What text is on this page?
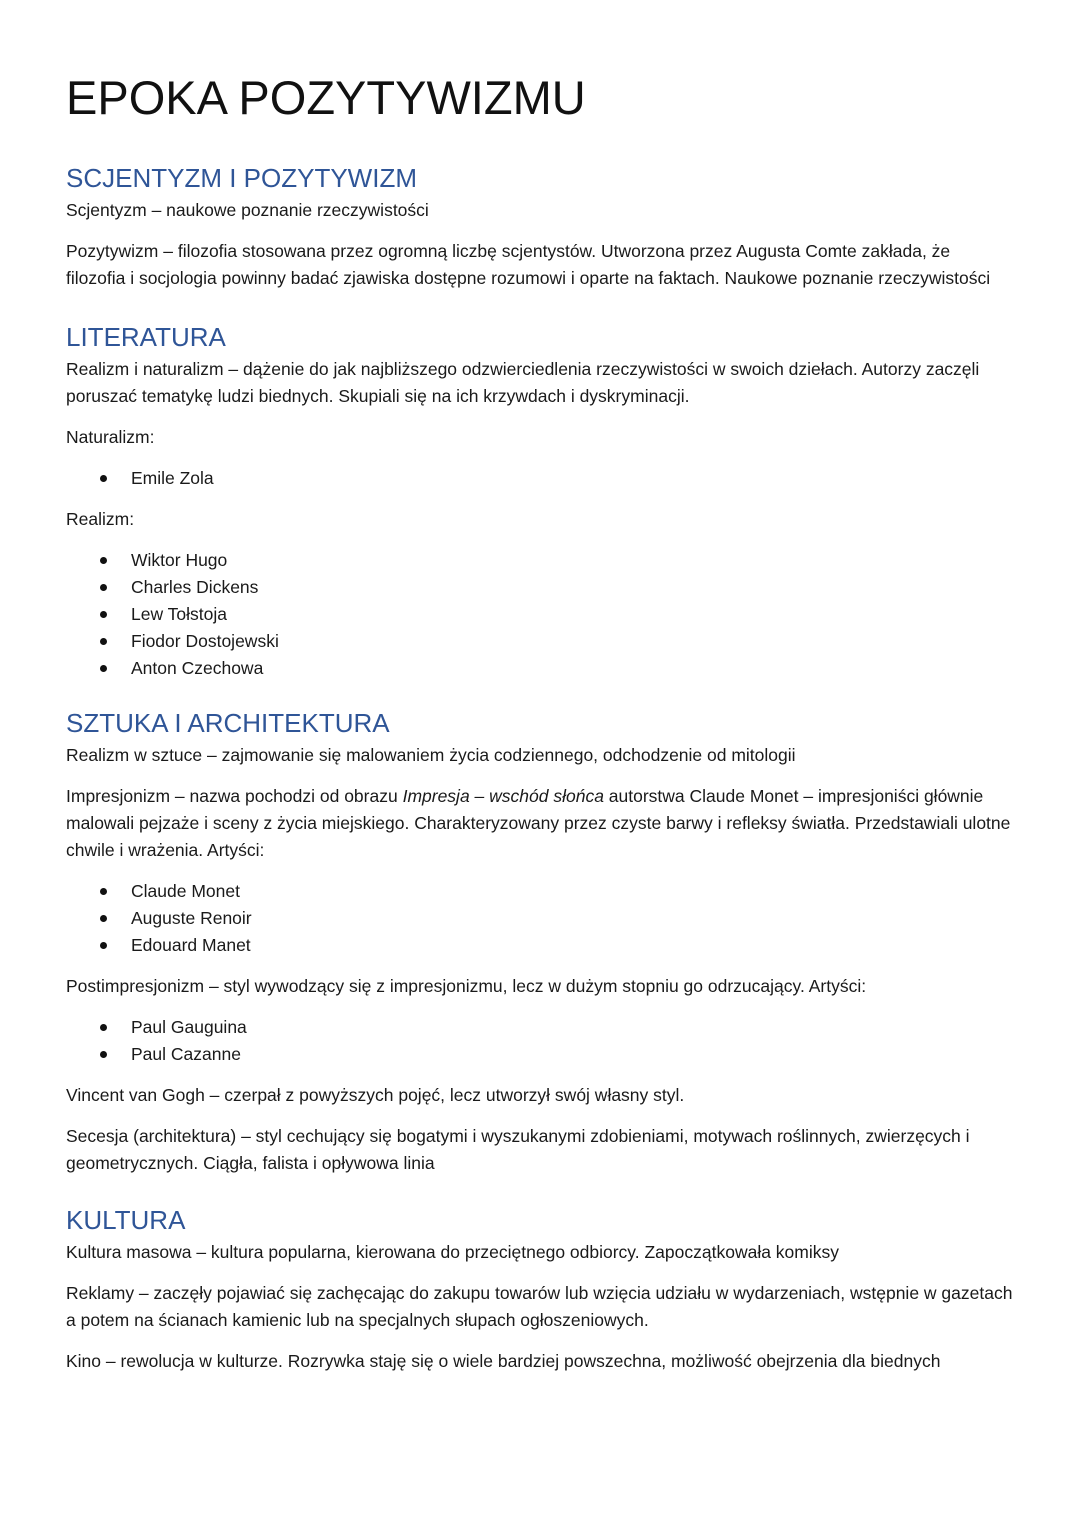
EPOKA POZYTYWIZMU
SCJENTYZM I POZYTYWIZM

Scjentyzm – naukowe poznanie rzeczywistości

Pozytywizm – filozofia stosowana przez ogromną liczbę scjentystów. Utworzona przez Augusta Comte zakłada, że filozofia i socjologia powinny badać zjawiska dostępne rozumowi i oparte na faktach. Naukowe poznanie rzeczywistości

LITERATURA

Realizm i naturalizm – dążenie do jak najbliższego odzwierciedlenia rzeczywistości w swoich dziełach. Autorzy zaczęli poruszać tematykę ludzi biednych. Skupiali się na ich krzywdach i dyskryminacji.

Naturalizm:

Emile Zola

Realizm:

Wiktor Hugo
Charles Dickens
Lew Tołstoja
Fiodor Dostojewski
Anton Czechowa
SZTUKA I ARCHITEKTURA

Realizm w sztuce – zajmowanie się malowaniem życia codziennego, odchodzenie od mitologii

Impresjonizm – nazwa pochodzi od obrazu Impresja – wschód słońca autorstwa Claude Monet – impresjoniści głównie malowali pejzaże i sceny z życia miejskiego. Charakteryzowany przez czyste barwy i refleksy światła. Przedstawiali ulotne chwile i wrażenia. Artyści:

Claude Monet
Auguste Renoir
Edouard Manet

Postimpresjonizm – styl wywodzący się z impresjonizmu, lecz w dużym stopniu go odrzucający. Artyści:

Paul Gauguina
Paul Cazanne

Vincent van Gogh – czerpał z powyższych pojęć, lecz utworzył swój własny styl.

Secesja (architektura) – styl cechujący się bogatymi i wyszukanymi zdobieniami, motywach roślinnych, zwierzęcych i geometrycznych. Ciągła, falista i opływowa linia

KULTURA

Kultura masowa – kultura popularna, kierowana do przeciętnego odbiorcy. Zapoczątkowała komiksy

Reklamy – zaczęły pojawiać się zachęcając do zakupu towarów lub wzięcia udziału w wydarzeniach, wstępnie w gazetach a potem na ścianach kamienic lub na specjalnych słupach ogłoszeniowych.

Kino – rewolucja w kulturze. Rozrywka staję się o wiele bardziej powszechna, możliwość obejrzenia dla biednych
